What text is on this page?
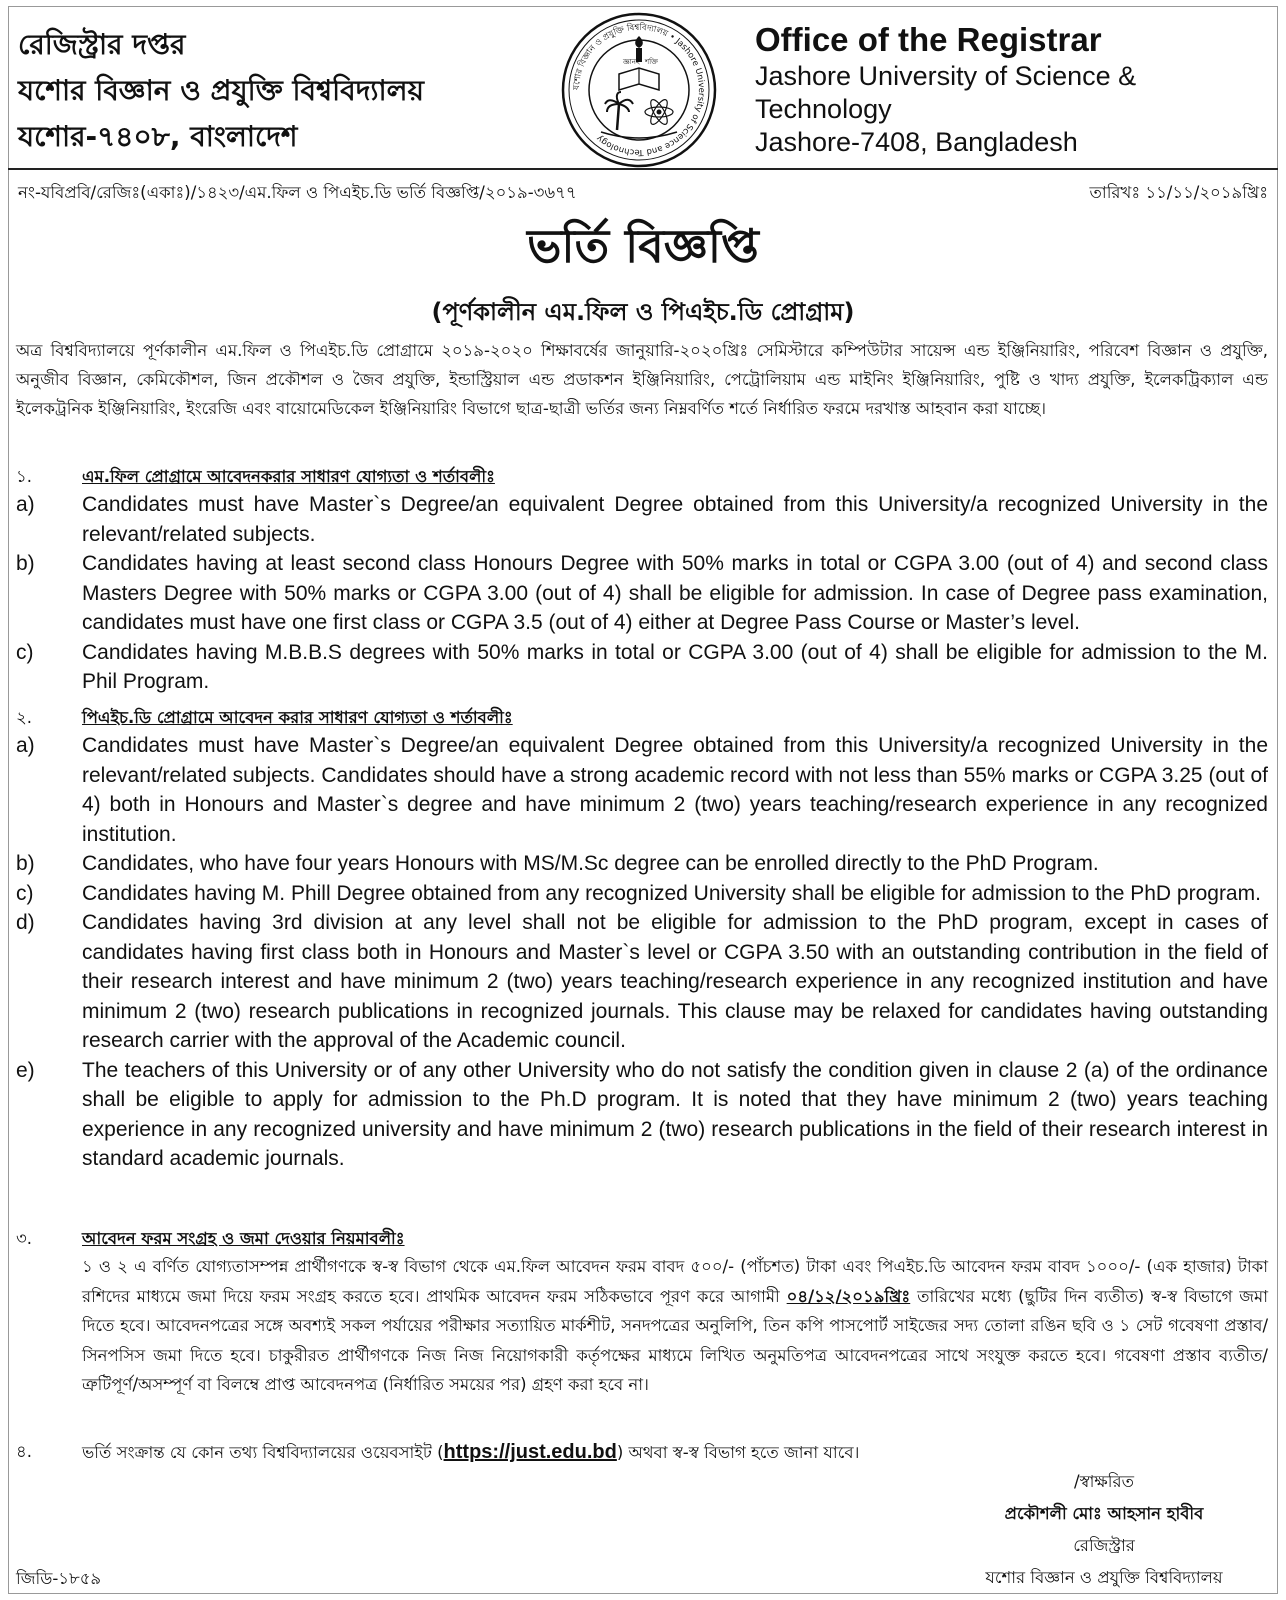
রেজিস্ট্রার দপ্তর
যশোর বিজ্ঞান ও প্রযুক্তি বিশ্ববিদ্যালয়
যশোর-৭৪০৮, বাংলাদেশ
যশোর বিজ্ঞান ও প্রযুক্তি বিশ্ববিদ্যালয় • Jashore University of Science and Technology
জ্ঞানই শক্তি
Office of the Registrar
Jashore University of Science & Technology
Jashore-7408, Bangladesh
নং-যবিপ্রবি/রেজিঃ(একাঃ)/১৪২৩/এম.ফিল ও পিএইচ.ডি ভর্তি বিজ্ঞপ্তি/২০১৯-৩৬৭৭	তারিখঃ ১১/১১/২০১৯খ্রিঃ
ভর্তি বিজ্ঞপ্তি
(পূর্ণকালীন এম.ফিল ও পিএইচ.ডি প্রোগ্রাম)
অত্র বিশ্ববিদ্যালয়ে পূর্ণকালীন এম.ফিল ও পিএইচ.ডি প্রোগ্রামে ২০১৯-২০২০ শিক্ষাবর্ষের জানুয়ারি-২০২০খ্রিঃ সেমিস্টারে কম্পিউটার সায়েন্স এন্ড ইঞ্জিনিয়ারিং, পরিবেশ বিজ্ঞান ও প্রযুক্তি, অনুজীব বিজ্ঞান, কেমিকৌশল, জিন প্রকৌশল ও জৈব প্রযুক্তি, ইন্ডাস্ট্রিয়াল এন্ড প্রডাকশন ইঞ্জিনিয়ারিং, পেট্রোলিয়াম এন্ড মাইনিং ইঞ্জিনিয়ারিং, পুষ্টি ও খাদ্য প্রযুক্তি, ইলেকট্রিক্যাল এন্ড ইলেকট্রনিক ইঞ্জিনিয়ারিং, ইংরেজি এবং বায়োমেডিকেল ইঞ্জিনিয়ারিং বিভাগে ছাত্র-ছাত্রী ভর্তির জন্য নিম্নবর্ণিত শর্তে নির্ধারিত ফরমে দরখাস্ত আহবান করা যাচ্ছে।
১.	এম.ফিল প্রোগ্রামে আবেদনকরার সাধারণ যোগ্যতা ও শর্তাবলীঃ
a) Candidates must have Master`s Degree/an equivalent Degree obtained from this University/a recognized University in the relevant/related subjects.
b) Candidates having at least second class Honours Degree with 50% marks in total or CGPA 3.00 (out of 4) and second class Masters Degree with 50% marks or CGPA 3.00 (out of 4) shall be eligible for admission. In case of Degree pass examination, candidates must have one first class or CGPA 3.5 (out of 4) either at Degree Pass Course or Master’s level.
c) Candidates having M.B.B.S degrees with 50% marks in total or CGPA 3.00 (out of 4) shall be eligible for admission to the M. Phil Program.
২.	পিএইচ.ডি প্রোগ্রামে আবেদন করার সাধারণ যোগ্যতা ও শর্তাবলীঃ
a) Candidates must have Master`s Degree/an equivalent Degree obtained from this University/a recognized University in the relevant/related subjects. Candidates should have a strong academic record with not less than 55% marks or CGPA 3.25 (out of 4) both in Honours and Master`s degree and have minimum 2 (two) years teaching/research experience in any recognized institution.
b) Candidates, who have four years Honours with MS/M.Sc degree can be enrolled directly to the PhD Program.
c) Candidates having M. Phill Degree obtained from any recognized University shall be eligible for admission to the PhD program.
d) Candidates having 3rd division at any level shall not be eligible for admission to the PhD program, except in cases of candidates having first class both in Honours and Master`s level or CGPA 3.50 with an outstanding contribution in the field of their research interest and have minimum 2 (two) years teaching/research experience in any recognized institution and have minimum 2 (two) research publications in recognized journals. This clause may be relaxed for candidates having outstanding research carrier with the approval of the Academic council.
e) The teachers of this University or of any other University who do not satisfy the condition given in clause 2 (a) of the ordinance shall be eligible to apply for admission to the Ph.D program. It is noted that they have minimum 2 (two) years teaching experience in any recognized university and have minimum 2 (two) research publications in the field of their research interest in standard academic journals.
৩.	আবেদন ফরম সংগ্রহ ও জমা দেওয়ার নিয়মাবলীঃ
১ ও ২ এ বর্ণিত যোগ্যতাসম্পন্ন প্রার্থীগণকে স্ব-স্ব বিভাগ থেকে এম.ফিল আবেদন ফরম বাবদ ৫০০/- (পাঁচশত) টাকা এবং পিএইচ.ডি আবেদন ফরম বাবদ ১০০০/- (এক হাজার) টাকা রশিদের মাধ্যমে জমা দিয়ে ফরম সংগ্রহ করতে হবে। প্রাথমিক আবেদন ফরম সঠিকভাবে পূরণ করে আগামী ০৪/১২/২০১৯খ্রিঃ তারিখের মধ্যে (ছুটির দিন ব্যতীত) স্ব-স্ব বিভাগে জমা দিতে হবে। আবেদনপত্রের সঙ্গে অবশ্যই সকল পর্যায়ের পরীক্ষার সত্যায়িত মার্কশীট, সনদপত্রের অনুলিপি, তিন কপি পাসপোর্ট সাইজের সদ্য তোলা রঙিন ছবি ও ১ সেট গবেষণা প্রস্তাব/সিনপসিস জমা দিতে হবে। চাকুরীরত প্রার্থীগণকে নিজ নিজ নিয়োগকারী কর্তৃপক্ষের মাধ্যমে লিখিত অনুমতিপত্র আবেদনপত্রের সাথে সংযুক্ত করতে হবে। গবেষণা প্রস্তাব ব্যতীত/ত্রুটিপূর্ণ/অসম্পূর্ণ বা বিলম্বে প্রাপ্ত আবেদনপত্র (নির্ধারিত সময়ের পর) গ্রহণ করা হবে না।
৪.	ভর্তি সংক্রান্ত যে কোন তথ্য বিশ্ববিদ্যালয়ের ওয়েবসাইট (https://just.edu.bd) অথবা স্ব-স্ব বিভাগ হতে জানা যাবে।
/স্বাক্ষরিত
প্রকৌশলী মোঃ আহসান হাবীব
রেজিস্ট্রার
যশোর বিজ্ঞান ও প্রযুক্তি বিশ্ববিদ্যালয়
জিডি-১৮৫৯
